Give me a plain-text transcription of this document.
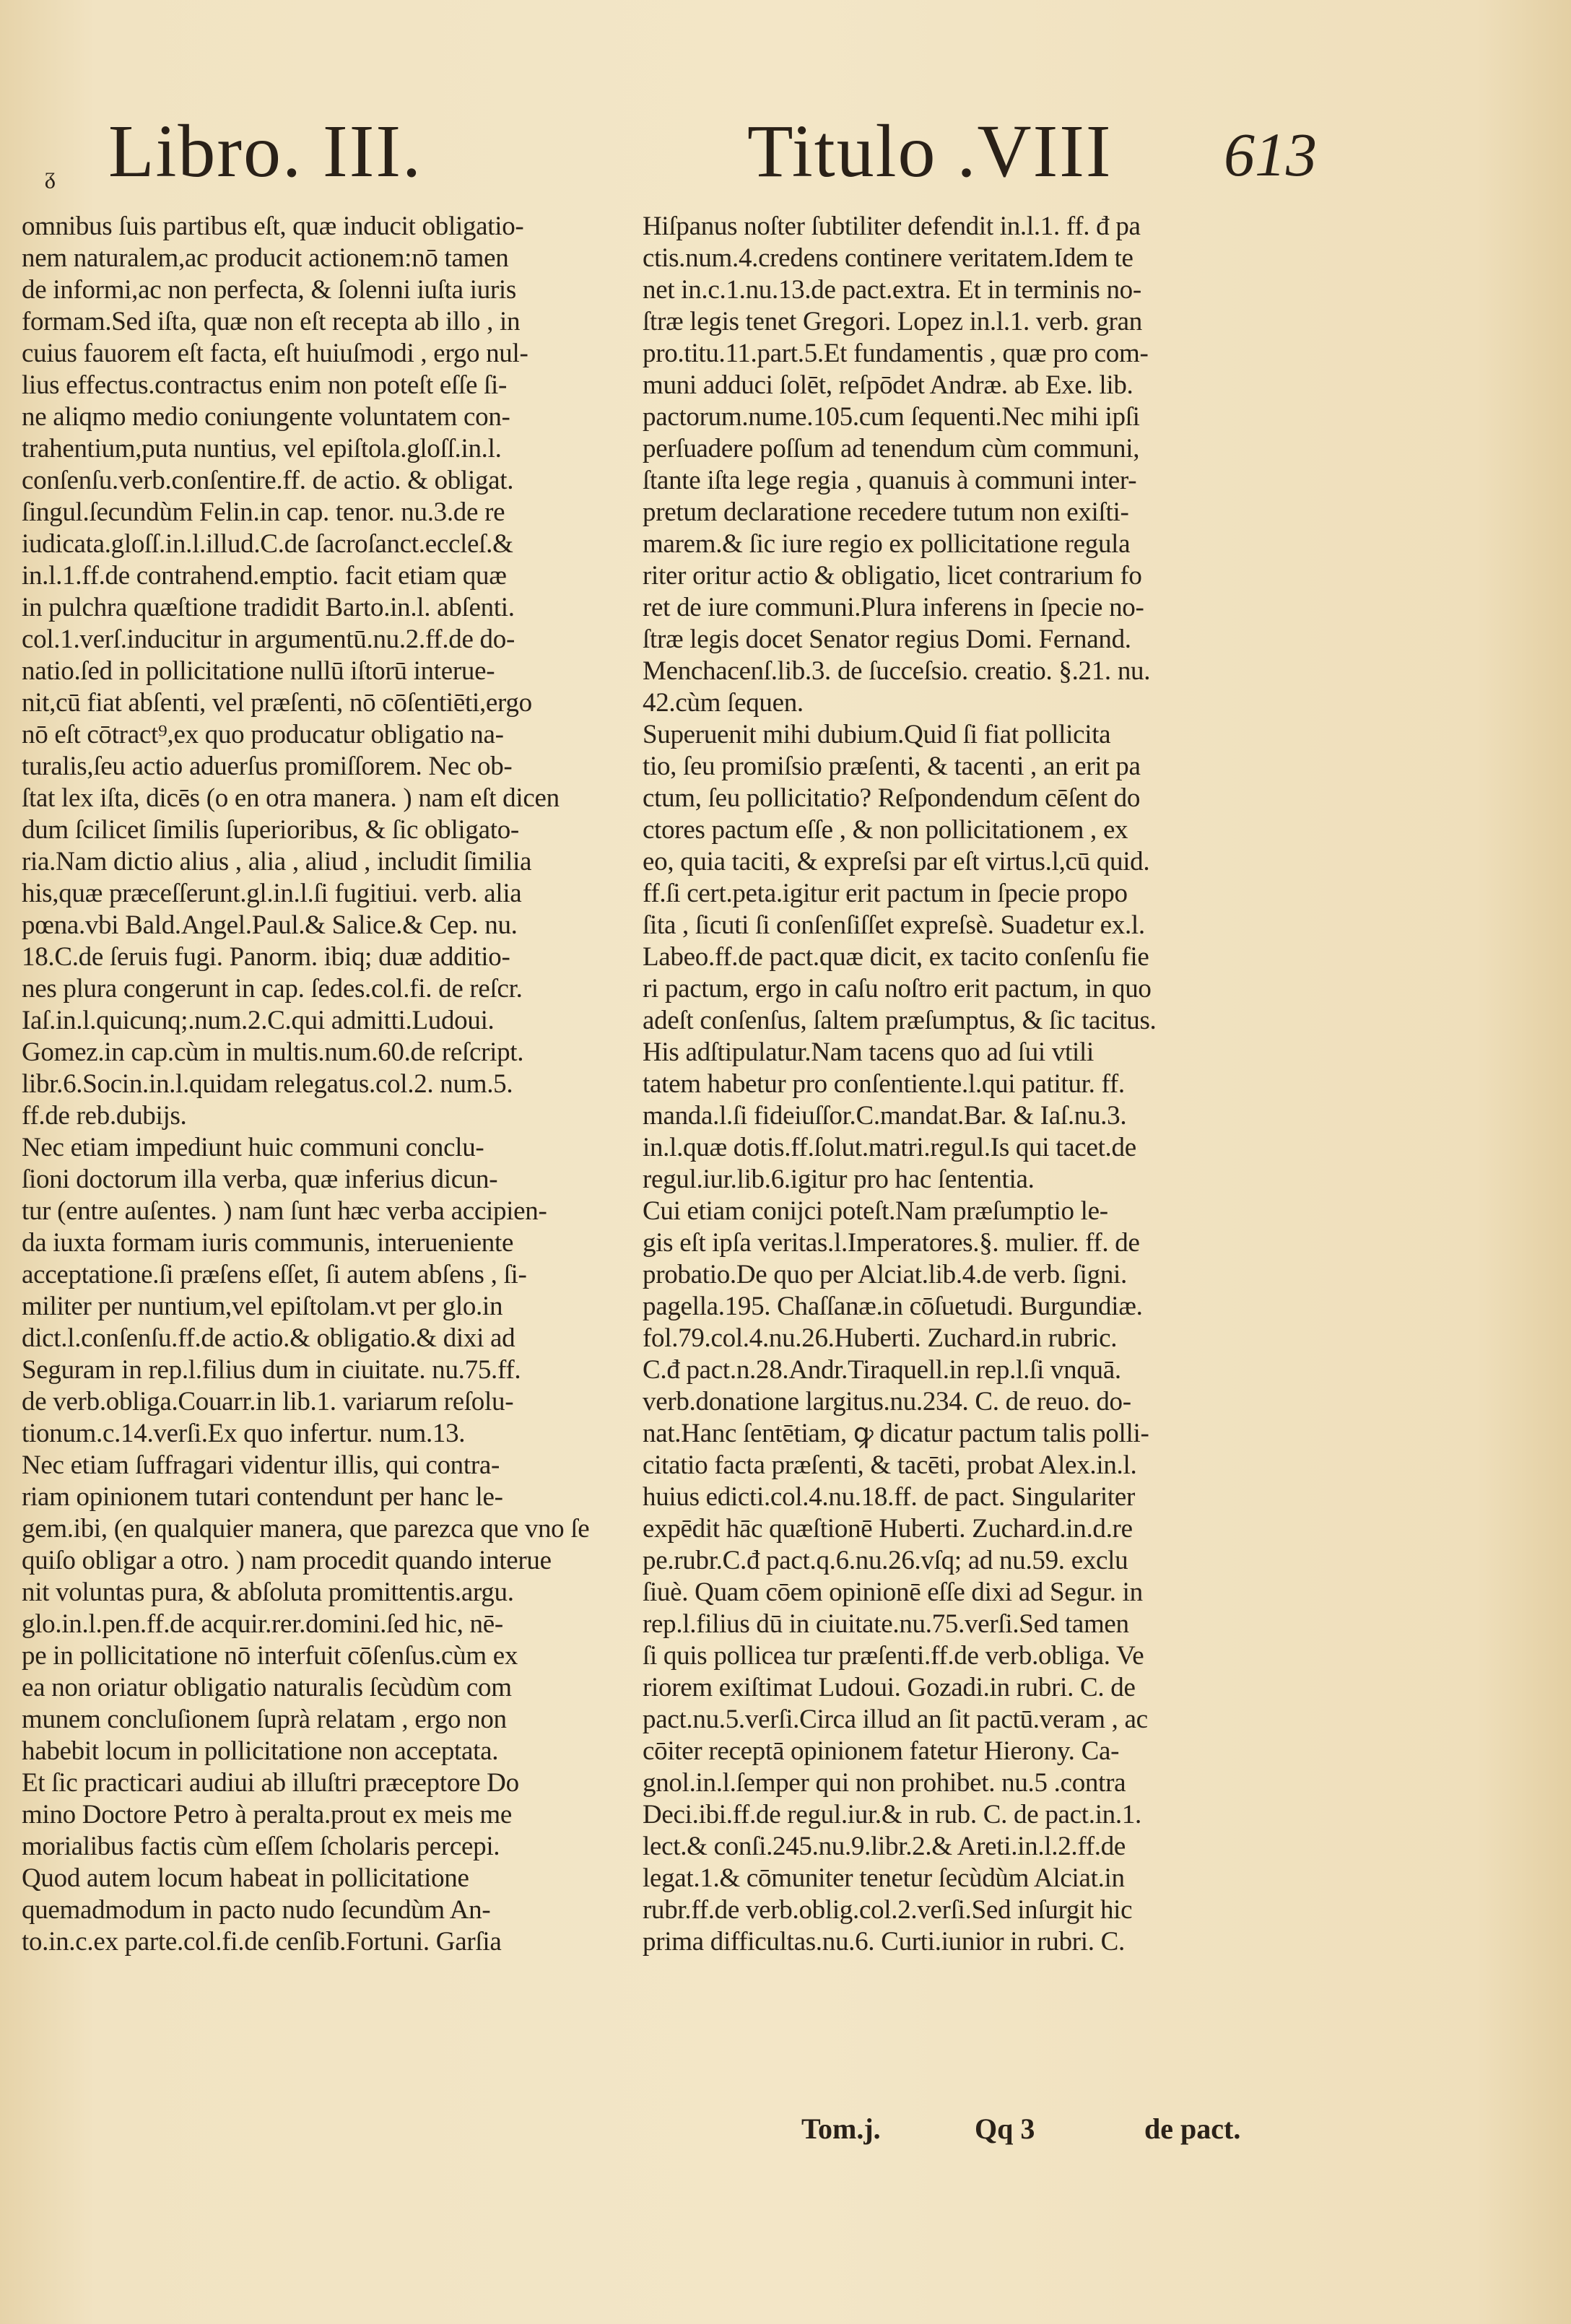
ᵹ Libro. III.	Titulo .VIII 613
omnibus ſuis partibus eſt, quæ inducit obligatio-
nem naturalem,ac producit actionem:nō tamen
de informi,ac non perfecta, & ſolenni iuſta iuris
formam.Sed iſta, quæ non eſt recepta ab illo , in
cuius fauorem eſt facta, eſt huiuſmodi , ergo nul-
lius effectus.contractus enim non poteſt eſſe ſi-
ne aliqmo medio coniungente voluntatem con-
trahentium,puta nuntius, vel epiſtola.gloſſ.in.l.
conſenſu.verb.conſentire.ff. de actio. & obligat.
ſingul.ſecundùm Felin.in cap. tenor. nu.3.de re
iudicata.gloſſ.in.l.illud.C.de ſacroſanct.eccleſ.&
in.l.1.ff.de contrahend.emptio. facit etiam quæ
in pulchra quæſtione tradidit Barto.in.l. abſenti.
col.1.verſ.inducitur in argumentū.nu.2.ff.de do-
natio.ſed in pollicitatione nullū iſtorū interue-
nit,cū fiat abſenti, vel præſenti, nō cōſentiēti,ergo
nō eſt cōtract⁹,ex quo producatur obligatio na-
turalis,ſeu actio aduerſus promiſſorem. Nec ob-
ſtat lex iſta, dicēs (o en otra manera. ) nam eſt dicen
dum ſcilicet ſimilis ſuperioribus, & ſic obligato-
ria.Nam dictio alius , alia , aliud , includit ſimilia
his,quæ præceſſerunt.gl.in.l.ſi fugitiui. verb. alia
pœna.vbi Bald.Angel.Paul.& Salice.& Cep. nu.
18.C.de ſeruis fugi. Panorm. ibiq; duæ additio-
nes plura congerunt in cap. ſedes.col.fi. de reſcr.
Iaſ.in.l.quicunq;.num.2.C.qui admitti.Ludoui.
Gomez.in cap.cùm in multis.num.60.de reſcript.
libr.6.Socin.in.l.quidam relegatus.col.2. num.5.
ff.de reb.dubijs.
Nec etiam impediunt huic communi conclu-
ſioni doctorum illa verba, quæ inferius dicun-
tur (entre auſentes. ) nam ſunt hæc verba accipien-
da iuxta formam iuris communis, interueniente
acceptatione.ſi præſens eſſet, ſi autem abſens , ſi-
militer per nuntium,vel epiſtolam.vt per glo.in
dict.l.conſenſu.ff.de actio.& obligatio.& dixi ad
Seguram in rep.l.filius dum in ciuitate. nu.75.ff.
de verb.obliga.Couarr.in lib.1. variarum reſolu-
tionum.c.14.verſi.Ex quo infertur. num.13.
Nec etiam ſuffragari videntur illis, qui contra-
riam opinionem tutari contendunt per hanc le-
gem.ibi, (en qualquier manera, que parezca que vno ſe
quiſo obligar a otro. ) nam procedit quando interue
nit voluntas pura, & abſoluta promittentis.argu.
glo.in.l.pen.ff.de acquir.rer.domini.ſed hic, nē-
pe in pollicitatione nō interfuit cōſenſus.cùm ex
ea non oriatur obligatio naturalis ſecùdùm com
munem concluſionem ſuprà relatam , ergo non
habebit locum in pollicitatione non acceptata.
Et ſic practicari audiui ab illuſtri præceptore Do
mino Doctore Petro à peralta.prout ex meis me
morialibus factis cùm eſſem ſcholaris percepi.
Quod autem locum habeat in pollicitatione
quemadmodum in pacto nudo ſecundùm An-
to.in.c.ex parte.col.fi.de cenſib.Fortuni. Garſia
Hiſpanus noſter ſubtiliter defendit in.l.1. ff. đ pa
ctis.num.4.credens continere veritatem.Idem te
net in.c.1.nu.13.de pact.extra. Et in terminis no-
ſtræ legis tenet Gregori. Lopez in.l.1. verb. gran
pro.titu.11.part.5.Et fundamentis , quæ pro com-
muni adduci ſolēt, reſpōdet Andræ. ab Exe. lib.
pactorum.nume.105.cum ſequenti.Nec mihi ipſi
perſuadere poſſum ad tenendum cùm communi,
ſtante iſta lege regia , quanuis à communi inter-
pretum declaratione recedere tutum non exiſti-
marem.& ſic iure regio ex pollicitatione regula
riter oritur actio & obligatio, licet contrarium fo
ret de iure communi.Plura inferens in ſpecie no-
ſtræ legis docet Senator regius Domi. Fernand.
Menchacenſ.lib.3. de ſucceſsio. creatio. §.21. nu.
42.cùm ſequen.
Superuenit mihi dubium.Quid ſi fiat pollicita
tio, ſeu promiſsio præſenti, & tacenti , an erit pa
ctum, ſeu pollicitatio? Reſpondendum cēſent do
ctores pactum eſſe , & non pollicitationem , ex
eo, quia taciti, & expreſsi par eſt virtus.l,cū quid.
ff.ſi cert.peta.igitur erit pactum in ſpecie propo
ſita , ſicuti ſi conſenſiſſet expreſsè. Suadetur ex.l.
Labeo.ff.de pact.quæ dicit, ex tacito conſenſu fie
ri pactum, ergo in caſu noſtro erit pactum, in quo
adeſt conſenſus, ſaltem præſumptus, & ſic tacitus.
His adſtipulatur.Nam tacens quo ad ſui vtili
tatem habetur pro conſentiente.l.qui patitur. ff.
manda.l.ſi fideiuſſor.C.mandat.Bar. & Iaſ.nu.3.
in.l.quæ dotis.ff.ſolut.matri.regul.Is qui tacet.de
regul.iur.lib.6.igitur pro hac ſententia.
Cui etiam conijci poteſt.Nam præſumptio le-
gis eſt ipſa veritas.l.Imperatores.§. mulier. ff. de
probatio.De quo per Alciat.lib.4.de verb. ſigni.
pagella.195. Chaſſanæ.in cōſuetudi. Burgundiæ.
fol.79.col.4.nu.26.Huberti. Zuchard.in rubric.
C.đ pact.n.28.Andr.Tiraquell.in rep.l.ſi vnquā.
verb.donatione largitus.nu.234. C. de reuo. do-
nat.Hanc ſentētiam, ꝙ dicatur pactum talis polli-
citatio facta præſenti, & tacēti, probat Alex.in.l.
huius edicti.col.4.nu.18.ff. de pact. Singulariter
expēdit hāc quæſtionē Huberti. Zuchard.in.d.re
pe.rubr.C.đ pact.q.6.nu.26.vſq; ad nu.59. exclu
ſiuè. Quam cōem opinionē eſſe dixi ad Segur. in
rep.l.filius dū in ciuitate.nu.75.verſi.Sed tamen
ſi quis pollicea tur præſenti.ff.de verb.obliga. Ve
riorem exiſtimat Ludoui. Gozadi.in rubri. C. de
pact.nu.5.verſi.Circa illud an ſit pactū.veram , ac
cōiter receptā opinionem fatetur Hierony. Ca-
gnol.in.l.ſemper qui non prohibet. nu.5 .contra
Deci.ibi.ff.de regul.iur.& in rub. C. de pact.in.1.
lect.& conſi.245.nu.9.libr.2.& Areti.in.l.2.ff.de
legat.1.& cōmuniter tenetur ſecùdùm Alciat.in
rubr.ff.de verb.oblig.col.2.verſi.Sed inſurgit hic
prima difficultas.nu.6. Curti.iunior in rubri. C.
Tom.j.	Qq 3	de pact.
